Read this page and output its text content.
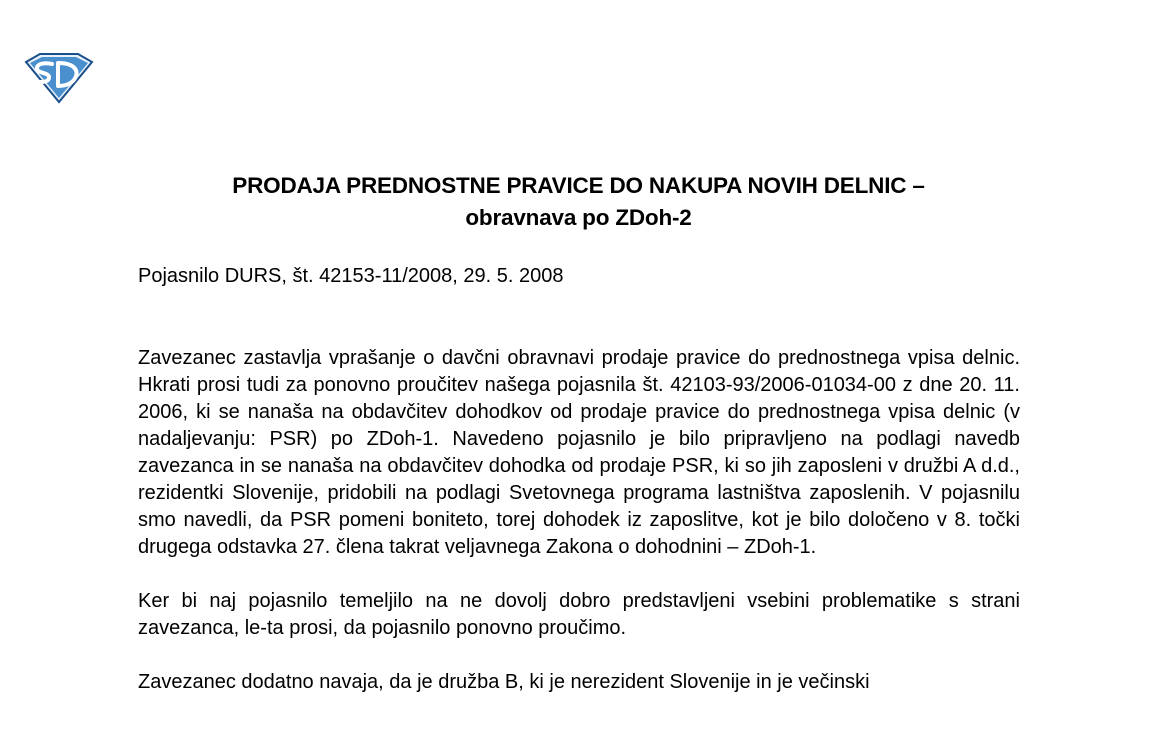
PRODAJA PREDNOSTNE PRAVICE DO NAKUPA NOVIH DELNIC –
obravnava po ZDoh-2
Pojasnilo DURS, št. 42153-11/2008, 29. 5. 2008

Zavezanec zastavlja vprašanje o davčni obravnavi prodaje pravice do prednostnega vpisa delnic. Hkrati prosi tudi za ponovno proučitev našega pojasnila št. 42103-93/2006-01034-00 z dne 20. 11. 2006, ki se nanaša na obdavčitev dohodkov od prodaje pravice do prednostnega vpisa delnic (v nadaljevanju: PSR) po ZDoh-1. Navedeno pojasnilo je bilo pripravljeno na podlagi navedb zavezanca in se nanaša na obdavčitev dohodka od prodaje PSR, ki so jih zaposleni v družbi A d.d., rezidentki Slovenije, pridobili na podlagi Svetovnega programa lastništva zaposlenih. V pojasnilu smo navedli, da PSR pomeni boniteto, torej dohodek iz zaposlitve, kot je bilo določeno v 8. točki drugega odstavka 27. člena takrat veljavnega Zakona o dohodnini – ZDoh-1.

Ker bi naj pojasnilo temeljilo na ne dovolj dobro predstavljeni vsebini problematike s strani zavezanca, le-ta prosi, da pojasnilo ponovno proučimo.

Zavezanec dodatno navaja, da je družba B, ki je nerezident Slovenije in je večinski
